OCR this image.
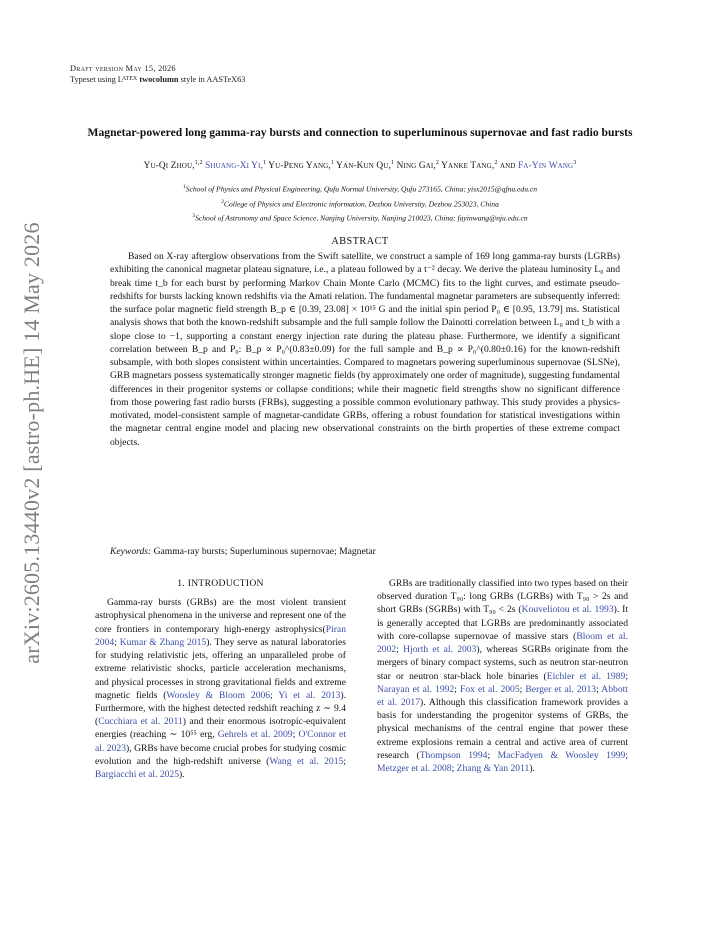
arXiv:2605.13440v2 [astro-ph.HE] 14 May 2026
Draft version May 15, 2026
Typeset using $L^{ATEX}$ twocolumn style in AASTeX63
Magnetar-powered long gamma-ray bursts and connection to superluminous supernovae and fast radio bursts
Yu-Qi Zhou,$^{1,2}$ Shuang-Xi Yi,$^1$ Yu-Peng Yang,$^1$ Yan-Kun Qu,$^1$ Ning Gai,$^2$ Yanke Tang,$^2$ and Fa-Yin Wang$^3$
$^1$School of Physics and Physical Engineering, Qufu Normal University, Qufu 273165, China; yisx2015@qfnu.edu.cn
$^2$College of Physics and Electronic information, Dezhou University, Dezhou 253023, China
$^3$School of Astronomy and Space Science, Nanjing University, Nanjing 210023, China; fayinwang@nju.edu.cn
ABSTRACT

Based on X-ray afterglow observations from the Swift satellite, we construct a sample of 169 long gamma-ray bursts (LGRBs) exhibiting the canonical magnetar plateau signature, i.e., a plateau followed by a t⁻² decay. We derive the plateau luminosity L₀ and break time t_b for each burst by performing Markov Chain Monte Carlo (MCMC) fits to the light curves, and estimate pseudo-redshifts for bursts lacking known redshifts via the Amati relation. The fundamental magnetar parameters are subsequently inferred: the surface polar magnetic field strength B_p ∈ [0.39, 23.08] × 10¹⁵ G and the initial spin period P₀ ∈ [0.95, 13.79] ms. Statistical analysis shows that both the known-redshift subsample and the full sample follow the Dainotti correlation between L₀ and t_b with a slope close to −1, supporting a constant energy injection rate during the plateau phase. Furthermore, we identify a significant correlation between B_p and P₀: B_p ∝ P₀^(0.83±0.09) for the full sample and B_p ∝ P₀^(0.80±0.16) for the known-redshift subsample, with both slopes consistent within uncertainties. Compared to magnetars powering superluminous supernovae (SLSNe), GRB magnetars possess systematically stronger magnetic fields (by approximately one order of magnitude), suggesting fundamental differences in their progenitor systems or collapse conditions; while their magnetic field strengths show no significant difference from those powering fast radio bursts (FRBs), suggesting a possible common evolutionary pathway. This study provides a physics-motivated, model-consistent sample of magnetar-candidate GRBs, offering a robust foundation for statistical investigations within the magnetar central engine model and placing new observational constraints on the birth properties of these extreme compact objects.

Keywords: Gamma-ray bursts; Superluminous supernovae; Magnetar
1. INTRODUCTION

Gamma-ray bursts (GRBs) are the most violent transient astrophysical phenomena in the universe and represent one of the core frontiers in contemporary high-energy astrophysics(Piran 2004; Kumar & Zhang 2015). They serve as natural laboratories for studying relativistic jets, offering an unparalleled probe of extreme relativistic shocks, particle acceleration mechanisms, and physical processes in strong gravitational fields and extreme magnetic fields (Woosley & Bloom 2006; Yi et al. 2013). Furthermore, with the highest detected redshift reaching z ∼ 9.4 (Cucchiara et al. 2011) and their enormous isotropic-equivalent energies (reaching ∼ 10⁵⁵ erg, Gehrels et al. 2009; O'Connor et al. 2023), GRBs have become crucial probes for studying cosmic evolution and the high-redshift universe (Wang et al. 2015; Bargiacchi et al. 2025).

GRBs are traditionally classified into two types based on their observed duration T₉₀: long GRBs (LGRBs) with T₉₀ > 2s and short GRBs (SGRBs) with T₉₀ < 2s (Kouveliotou et al. 1993). It is generally accepted that LGRBs are predominantly associated with core-collapse supernovae of massive stars (Bloom et al. 2002; Hjorth et al. 2003), whereas SGRBs originate from the mergers of binary compact systems, such as neutron star-neutron star or neutron star-black hole binaries (Eichler et al. 1989; Narayan et al. 1992; Fox et al. 2005; Berger et al. 2013; Abbott et al. 2017). Although this classification framework provides a basis for understanding the progenitor systems of GRBs, the physical mechanisms of the central engine that power these extreme explosions remain a central and active area of current research (Thompson 1994; MacFadyen & Woosley 1999; Metzger et al. 2008; Zhang & Yan 2011).
